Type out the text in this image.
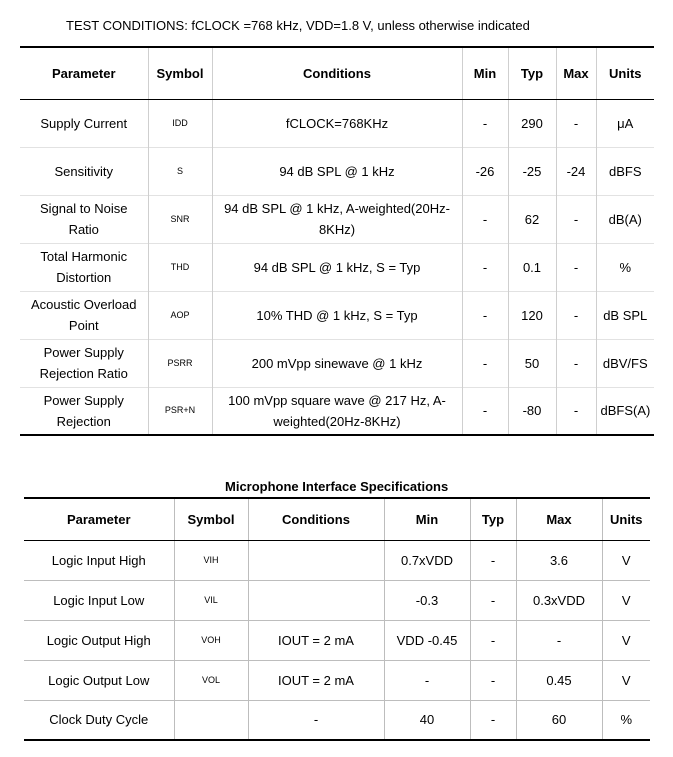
TEST CONDITIONS: fCLOCK =768 kHz, VDD=1.8 V, unless otherwise indicated
Parameter	Symbol	Conditions	Min	Typ	Max	Units
Supply Current	IDD	fCLOCK=768KHz	-	290	-	μA
Sensitivity	S	94 dB SPL @ 1 kHz	-26	-25	-24	dBFS
Signal to Noise Ratio	SNR	94 dB SPL @ 1 kHz, A-weighted(20Hz-8KHz)	-	62	-	dB(A)
Total Harmonic Distortion	THD	94 dB SPL @ 1 kHz, S = Typ	-	0.1	-	%
Acoustic Overload Point	AOP	10% THD @ 1 kHz, S = Typ	-	120	-	dB SPL
Power Supply Rejection Ratio	PSRR	200 mVpp sinewave @ 1 kHz	-	50	-	dBV/FS
Power Supply Rejection	PSR+N	100 mVpp square wave @ 217 Hz, A-weighted(20Hz-8KHz)	-	-80	-	dBFS(A)
Microphone Interface Specifications
Parameter	Symbol	Conditions	Min	Typ	Max	Units
Logic Input High	VIH		0.7xVDD	-	3.6	V
Logic Input Low	VIL		-0.3	-	0.3xVDD	V
Logic Output High	VOH	IOUT = 2 mA	VDD -0.45	-	-	V
Logic Output Low	VOL	IOUT = 2 mA	-	-	0.45	V
Clock Duty Cycle		-	40	-	60	%
